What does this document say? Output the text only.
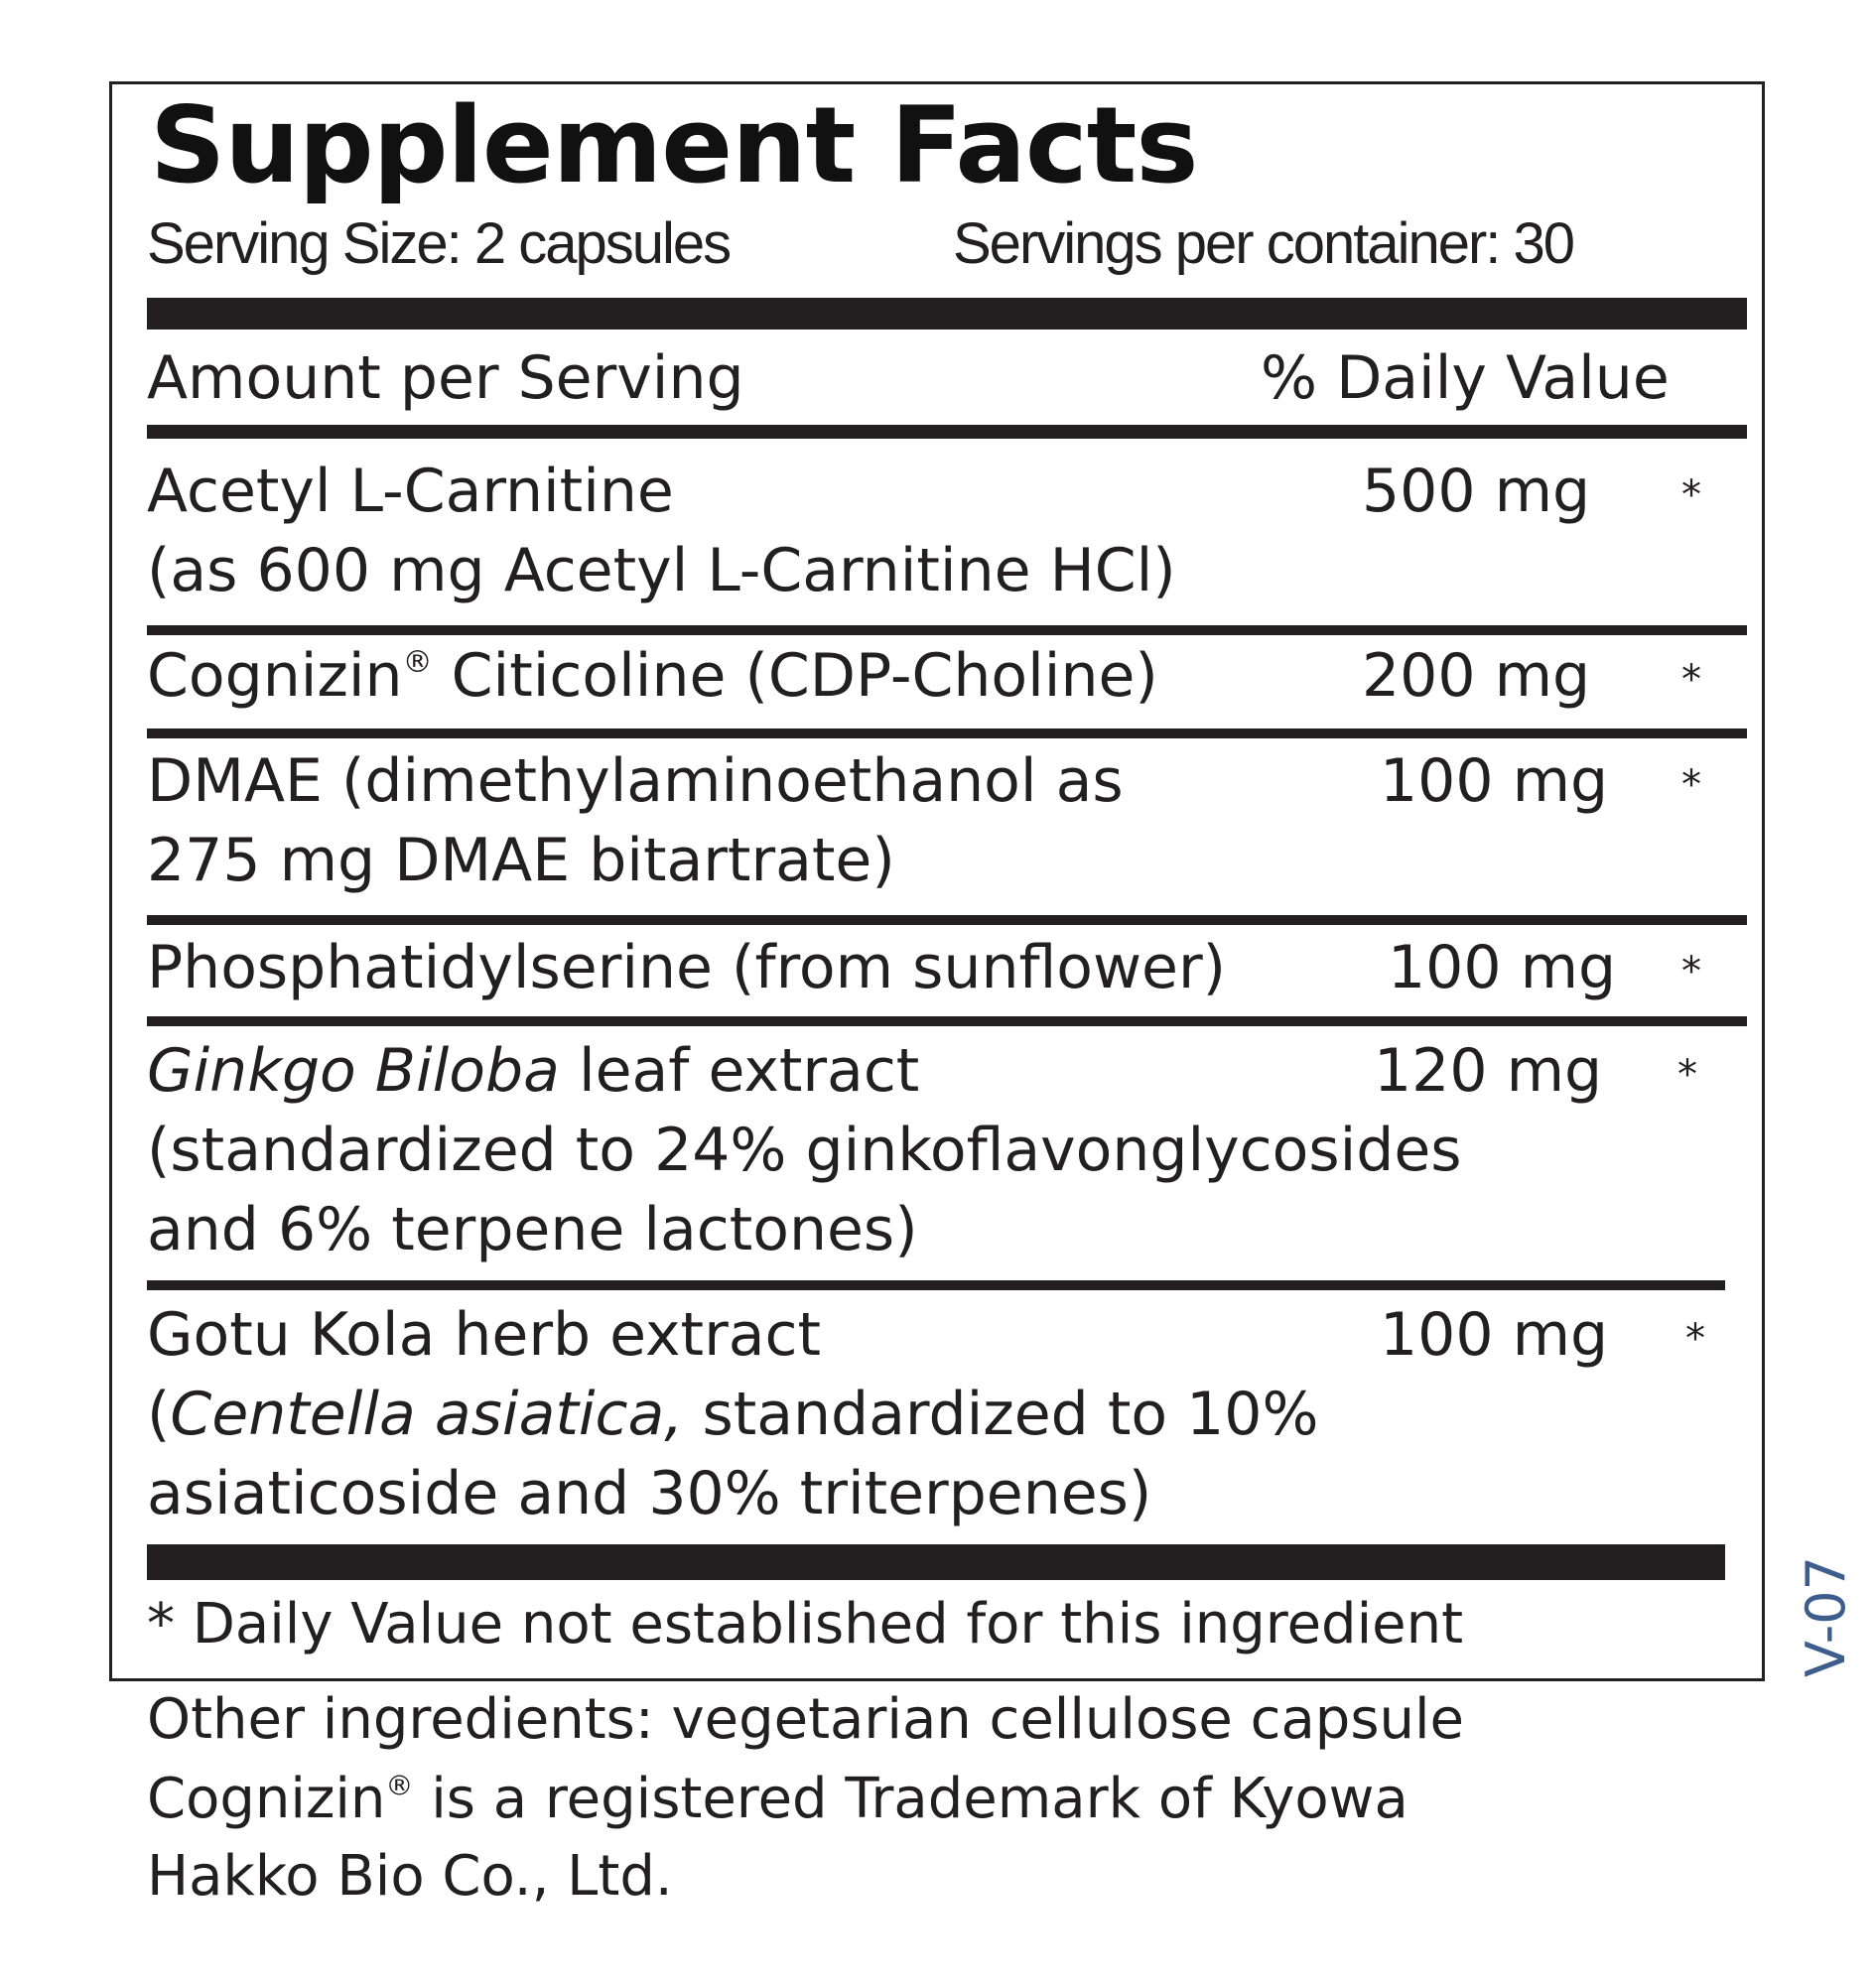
Supplement Facts
Serving Size: 2 capsules	Servings per container: 30
Amount per Serving	% Daily Value
Acetyl L-Carnitine
(as 600 mg Acetyl L-Carnitine HCl)
500 mg *
Cognizin® Citicoline (CDP-Choline)	200 mg *
DMAE (dimethylaminoethanol as
275 mg DMAE bitartrate)
100 mg *
Phosphatidylserine (from sunflower)	100 mg *
Ginkgo Biloba leaf extract
(standardized to 24% ginkoflavonglycosides
and 6% terpene lactones)
120 mg *
Gotu Kola herb extract
(Centella asiatica, standardized to 10%
asiaticoside and 30% triterpenes)
100 mg *
* Daily Value not established for this ingredient
Other ingredients: vegetarian cellulose capsule
Cognizin® is a registered Trademark of Kyowa
Hakko Bio Co., Ltd.
V-07
